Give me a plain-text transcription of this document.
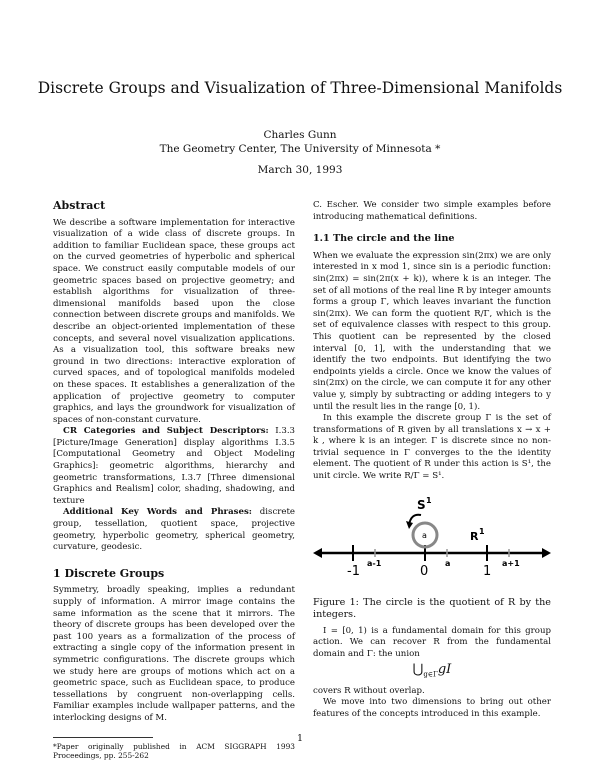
Discrete Groups and Visualization of Three-Dimensional Manifolds
Charles Gunn
The Geometry Center, The University of Minnesota *
March 30, 1993
Abstract

We describe a software implementation for interactive visualization of a wide class of discrete groups. In addition to familiar Euclidean space, these groups act on the curved geometries of hyperbolic and spherical space. We construct easily computable models of our geometric spaces based on projective geometry; and establish algorithms for visualization of three-dimensional manifolds based upon the close connection between discrete groups and manifolds. We describe an object-oriented implementation of these concepts, and several novel visualization applications. As a visualization tool, this software breaks new ground in two directions: interactive exploration of curved spaces, and of topological manifolds modeled on these spaces. It establishes a generalization of the application of projective geometry to computer graphics, and lays the groundwork for visualization of spaces of non-constant curvature.

CR Categories and Subject Descriptors: I.3.3 [Picture/Image Generation] display algorithms I.3.5 [Computational Geometry and Object Modeling Graphics]: geometric algorithms, hierarchy and geometric transformations, I.3.7 [Three dimensional Graphics and Realism] color, shading, shadowing, and texture

Additional Key Words and Phrases: discrete group, tessellation, quotient space, projective geometry, hyperbolic geometry, spherical geometry, curvature, geodesic.

1 Discrete Groups

Symmetry, broadly speaking, implies a redundant supply of information. A mirror image contains the same information as the scene that it mirrors. The theory of discrete groups has been developed over the past 100 years as a formalization of the process of extracting a single copy of the information present in symmetric configurations. The discrete groups which we study here are groups of motions which act on a geometric space, such as Euclidean space, to produce tessellations by congruent non-overlapping cells. Familiar examples include wallpaper patterns, and the interlocking designs of M.

*Paper originally published in ACM SIGGRAPH 1993 Proceedings, pp. 255-262

C. Escher. We consider two simple examples before introducing mathematical definitions.

1.1 The circle and the line

When we evaluate the expression sin(2πx) we are only interested in x mod 1, since sin is a periodic function: sin(2πx) = sin(2π(x + k)), where k is an integer. The set of all motions of the real line R by integer amounts forms a group Γ, which leaves invariant the function sin(2πx). We can form the quotient R/Γ, which is the set of equivalence classes with respect to this group. This quotient can be represented by the closed interval [0, 1], with the understanding that we identify the two endpoints. But identifying the two endpoints yields a circle. Once we know the values of sin(2πx) on the circle, we can compute it for any other value y, simply by subtracting or adding integers to y until the result lies in the range [0, 1).

In this example the discrete group Γ is the set of transformations of R given by all translations x → x + k , where k is an integer. Γ is discrete since no non-trivial sequence in Γ converges to the the identity element. The quotient of R under this action is S¹, the unit circle. We write R/Γ = S¹.

S 1
a	R 1
-1	0	1
a-1	a	a+1

Figure 1: The circle is the quotient of R by the integers.

I = [0, 1) is a fundamental domain for this group action. We can recover R from the fundamental domain and Γ: the union

$⋃_{g\in\Gamma}gI$

covers R without overlap.

We move into two dimensions to bring out other features of the concepts introduced in this example.

1
